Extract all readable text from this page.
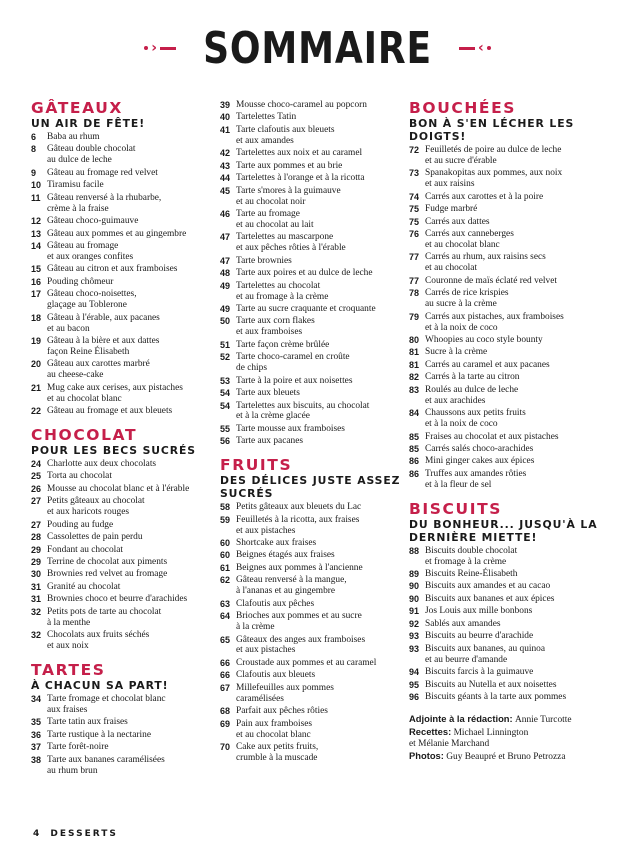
› SOMMAIRE	‹
GÂTEAUX
UN AIR DE FÊTE!
6	Baba au rhum
8	Gâteau double chocolat
au dulce de leche
9	Gâteau au fromage red velvet
10 Tiramisu facile
11 Gâteau renversé à la rhubarbe,
crème à la fraise
12 Gâteau choco-guimauve
13 Gâteau aux pommes et au gingembre
14 Gâteau au fromage
et aux oranges confites
15 Gâteau au citron et aux framboises
16 Pouding chômeur
17 Gâteau choco-noisettes,
glaçage au Toblerone
18 Gâteau à l'érable, aux pacanes
et au bacon
19 Gâteau à la bière et aux dattes
façon Reine Élisabeth
20 Gâteau aux carottes marbré
au cheese-cake
21 Mug cake aux cerises, aux pistaches
et au chocolat blanc
22 Gâteau au fromage et aux bleuets
CHOCOLAT
POUR LES BECS SUCRÉS
24 Charlotte aux deux chocolats
25 Torta au chocolat
26 Mousse au chocolat blanc et à l'érable
27 Petits gâteaux au chocolat
et aux haricots rouges
27 Pouding au fudge
28 Cassolettes de pain perdu
29 Fondant au chocolat
29 Terrine de chocolat aux piments
30 Brownies red velvet au fromage
31 Granité au chocolat
31 Brownies choco et beurre d'arachides
32 Petits pots de tarte au chocolat
à la menthe
32 Chocolats aux fruits séchés
et aux noix
TARTES
À CHACUN SA PART!
34 Tarte fromage et chocolat blanc
aux fraises
35 Tarte tatin aux fraises
36 Tarte rustique à la nectarine
37 Tarte forêt-noire
38 Tarte aux bananes caramélisées
au rhum brun
39 Mousse choco-caramel au popcorn
40 Tartelettes Tatin
41 Tarte clafoutis aux bleuets
et aux amandes
42 Tartelettes aux noix et au caramel
43 Tarte aux pommes et au brie
44 Tartelettes à l'orange et à la ricotta
45 Tarte s'mores à la guimauve
et au chocolat noir
46 Tarte au fromage
et au chocolat au lait
47 Tartelettes au mascarpone
et aux pêches rôties à l'érable
47 Tarte brownies
48 Tarte aux poires et au dulce de leche
49 Tartelettes au chocolat
et au fromage à la crème
49 Tarte au sucre craquante et croquante
50 Tarte aux corn flakes
et aux framboises
51 Tarte façon crème brûlée
52 Tarte choco-caramel en croûte
de chips
53 Tarte à la poire et aux noisettes
54 Tarte aux bleuets
54 Tartelettes aux biscuits, au chocolat
et à la crème glacée
55 Tarte mousse aux framboises
56 Tarte aux pacanes
FRUITS
DES DÉLICES JUSTE ASSEZ SUCRÉS
58 Petits gâteaux aux bleuets du Lac
59 Feuilletés à la ricotta, aux fraises
et aux pistaches
60 Shortcake aux fraises
60 Beignes étagés aux fraises
61 Beignes aux pommes à l'ancienne
62 Gâteau renversé à la mangue,
à l'ananas et au gingembre
63 Clafoutis aux pêches
64 Brioches aux pommes et au sucre
à la crème
65 Gâteaux des anges aux framboises
et aux pistaches
66 Croustade aux pommes et au caramel
66 Clafoutis aux bleuets
67 Millefeuilles aux pommes
caramélisées
68 Parfait aux pêches rôties
69 Pain aux framboises
et au chocolat blanc
70 Cake aux petits fruits,
crumble à la muscade
BOUCHÉES
BON À S'EN LÉCHER LES DOIGTS!
72 Feuilletés de poire au dulce de leche
et au sucre d'érable
73 Spanakopitas aux pommes, aux noix
et aux raisins
74 Carrés aux carottes et à la poire
75 Fudge marbré
75 Carrés aux dattes
76 Carrés aux canneberges
et au chocolat blanc
77 Carrés au rhum, aux raisins secs
et au chocolat
77 Couronne de maïs éclaté red velvet
78 Carrés de rice krispies
au sucre à la crème
79 Carrés aux pistaches, aux framboises
et à la noix de coco
80 Whoopies au coco style bounty
81 Sucre à la crème
81 Carrés au caramel et aux pacanes
82 Carrés à la tarte au citron
83 Roulés au dulce de leche
et aux arachides
84 Chaussons aux petits fruits
et à la noix de coco
85 Fraises au chocolat et aux pistaches
85 Carrés salés choco-arachides
86 Mini ginger cakes aux épices
86 Truffes aux amandes rôties
et à la fleur de sel
BISCUITS
DU BONHEUR... JUSQU'À LA DERNIÈRE MIETTE!
88 Biscuits double chocolat
et fromage à la crème
89 Biscuits Reine-Élisabeth
90 Biscuits aux amandes et au cacao
90 Biscuits aux bananes et aux épices
91 Jos Louis aux mille bonbons
92 Sablés aux amandes
93 Biscuits au beurre d'arachide
93 Biscuits aux bananes, au quinoa
et au beurre d'amande
94 Biscuits farcis à la guimauve
95 Biscuits au Nutella et aux noisettes
96 Biscuits géants à la tarte aux pommes
Adjointe à la rédaction: Annie Turcotte
Recettes: Michael Linnington
et Mélanie Marchand
Photos: Guy Beaupré et Bruno Petrozza
4 DESSERTS
